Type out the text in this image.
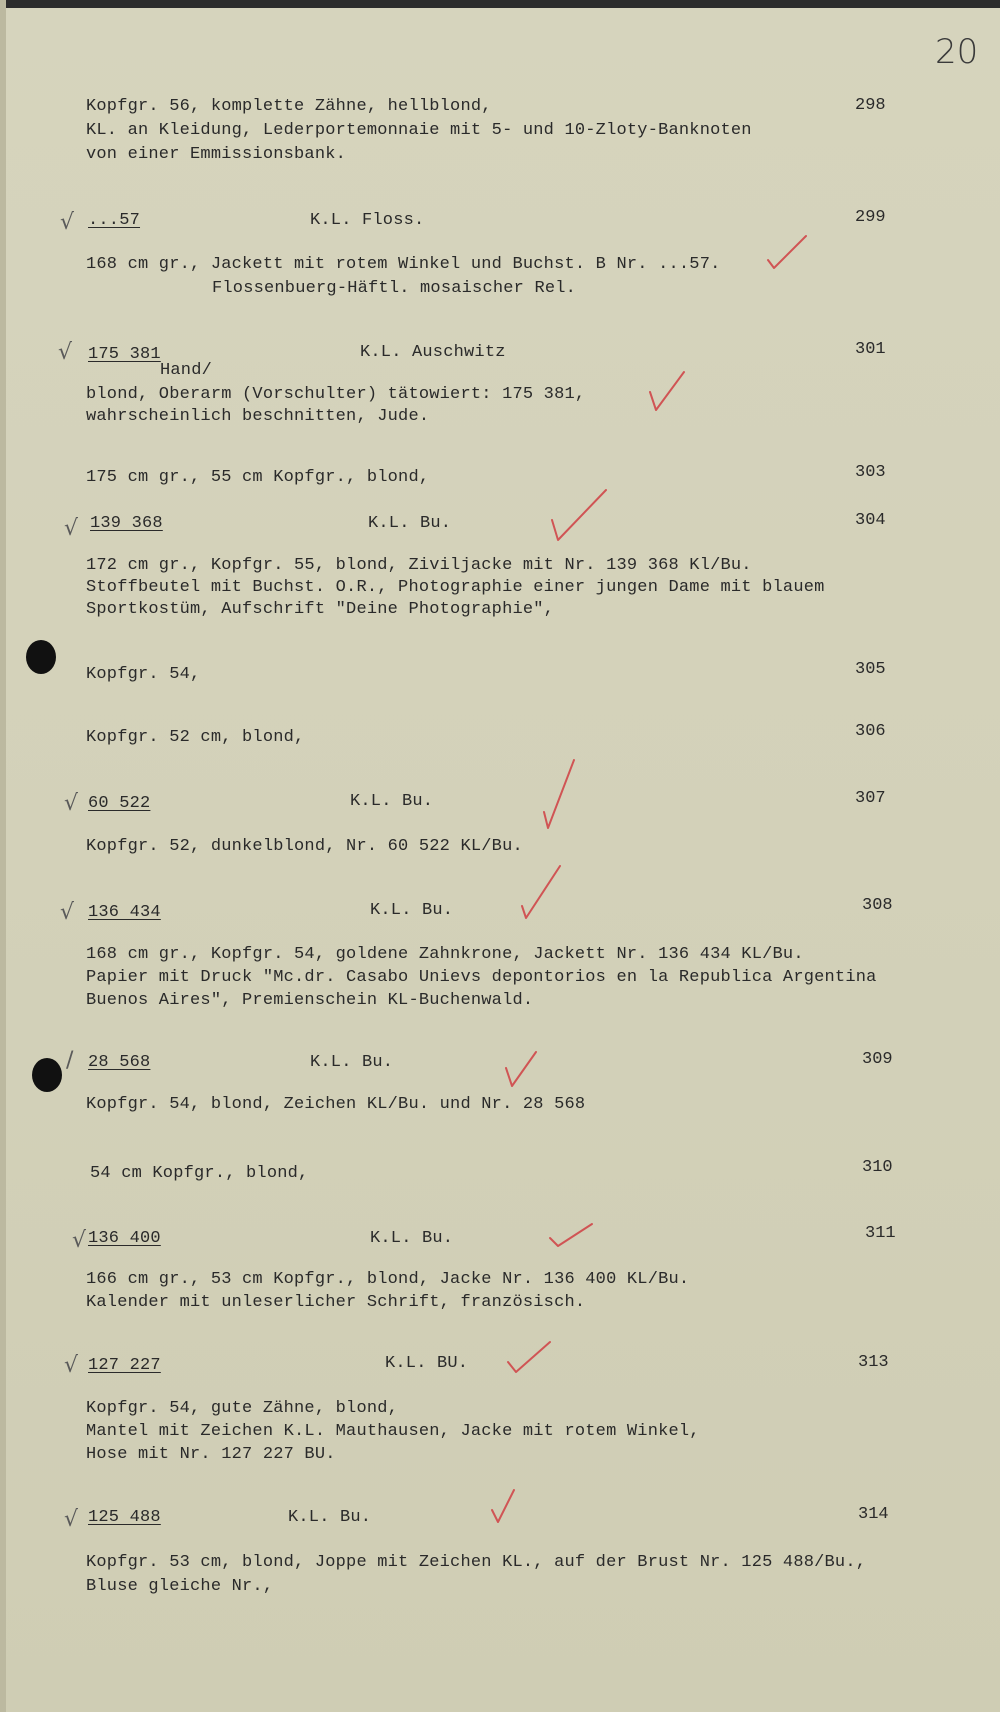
20
Kopfgr. 56, komplette Zähne, hellblond,
KL. an Kleidung, Lederportemonnaie mit 5- und 10-Zloty-Banknoten
von einer Emmissionsbank.
298
√ ...57	K.L. Floss.	299
168 cm gr., Jackett mit rotem Winkel und Buchst. B Nr. ...57.
Flossenbuerg-Häftl. mosaischer Rel.
√ 175 381	K.L. Auschwitz	301
Hand/
blond, Oberarm (Vorschulter) tätowiert: 175 381,
wahrscheinlich beschnitten, Jude.
175 cm gr., 55 cm Kopfgr., blond,	303
√ 139 368	K.L. Bu.	304
172 cm gr., Kopfgr. 55, blond, Ziviljacke mit Nr. 139 368 Kl/Bu.
Stoffbeutel mit Buchst. O.R., Photographie einer jungen Dame mit blauem
Sportkostüm, Aufschrift "Deine Photographie",
Kopfgr. 54,	305
Kopfgr. 52 cm, blond,	306
√ 60 522	K.L. Bu.	307
Kopfgr. 52, dunkelblond, Nr. 60 522 KL/Bu.
√ 136 434	K.L. Bu.	308
168 cm gr., Kopfgr. 54, goldene Zahnkrone, Jackett Nr. 136 434 KL/Bu.
Papier mit Druck "Mc.dr. Casabo Unievs depontorios en la Republica Argentina
Buenos Aires", Premienschein KL-Buchenwald.
/ 28 568	K.L. Bu.	309
Kopfgr. 54, blond, Zeichen KL/Bu. und Nr. 28 568
54 cm Kopfgr., blond,	310
√ 136 400	K.L. Bu.	311
166 cm gr., 53 cm Kopfgr., blond, Jacke Nr. 136 400 KL/Bu.
Kalender mit unleserlicher Schrift, französisch.
√ 127 227	K.L. BU.	313
Kopfgr. 54, gute Zähne, blond,
Mantel mit Zeichen K.L. Mauthausen, Jacke mit rotem Winkel,
Hose mit Nr. 127 227 BU.
√ 125 488	K.L. Bu.	314
Kopfgr. 53 cm, blond, Joppe mit Zeichen KL., auf der Brust Nr. 125 488/Bu.,
Bluse gleiche Nr.,
